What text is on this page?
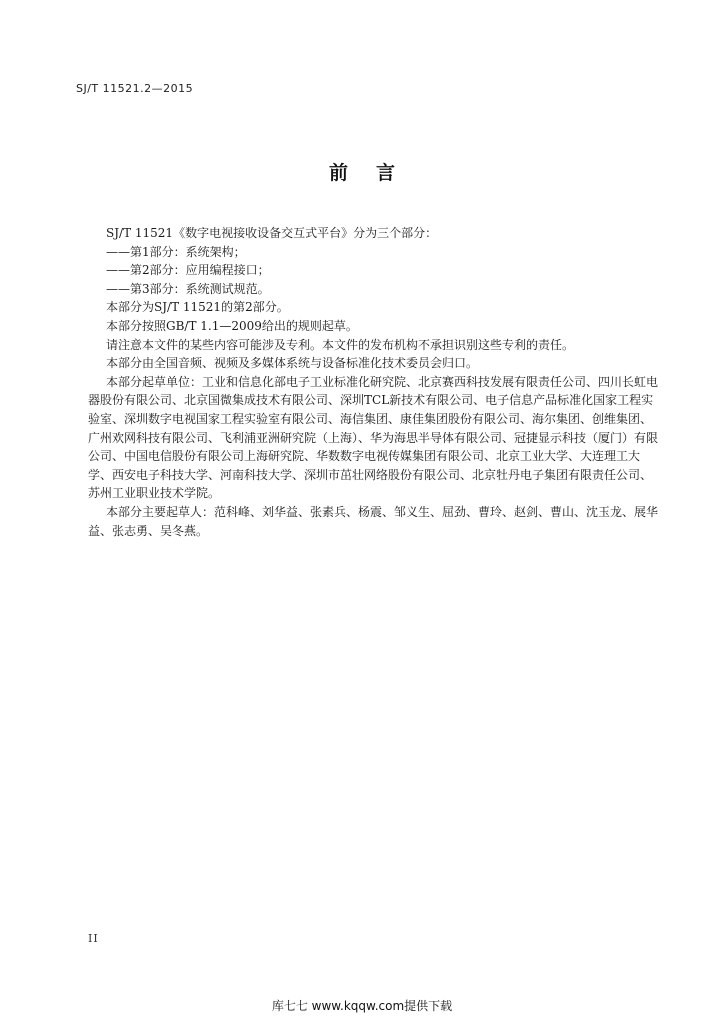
SJ/T 11521.2—2015
前言

SJ/T 11521《数字电视接收设备交互式平台》分为三个部分：

——第1部分：系统架构；

——第2部分：应用编程接口；

——第3部分：系统测试规范。

本部分为SJ/T 11521的第2部分。

本部分按照GB/T 1.1—2009给出的规则起草。

请注意本文件的某些内容可能涉及专利。本文件的发布机构不承担识别这些专利的责任。

本部分由全国音频、视频及多媒体系统与设备标准化技术委员会归口。

本部分起草单位：工业和信息化部电子工业标准化研究院、北京赛西科技发展有限责任公司、四川长虹电器股份有限公司、北京国微集成技术有限公司、深圳TCL新技术有限公司、电子信息产品标准化国家工程实验室、深圳数字电视国家工程实验室有限公司、海信集团、康佳集团股份有限公司、海尔集团、创维集团、广州欢网科技有限公司、飞利浦亚洲研究院（上海）、华为海思半导体有限公司、冠捷显示科技（厦门）有限公司、中国电信股份有限公司上海研究院、华数数字电视传媒集团有限公司、北京工业大学、大连理工大学、西安电子科技大学、河南科技大学、深圳市茁壮网络股份有限公司、北京牡丹电子集团有限责任公司、苏州工业职业技术学院。

本部分主要起草人：范科峰、刘华益、张素兵、杨震、邹义生、屈劲、曹玲、赵剑、曹山、沈玉龙、展华益、张志勇、吴冬燕。

II
库七七 www.kqqw.com提供下载
